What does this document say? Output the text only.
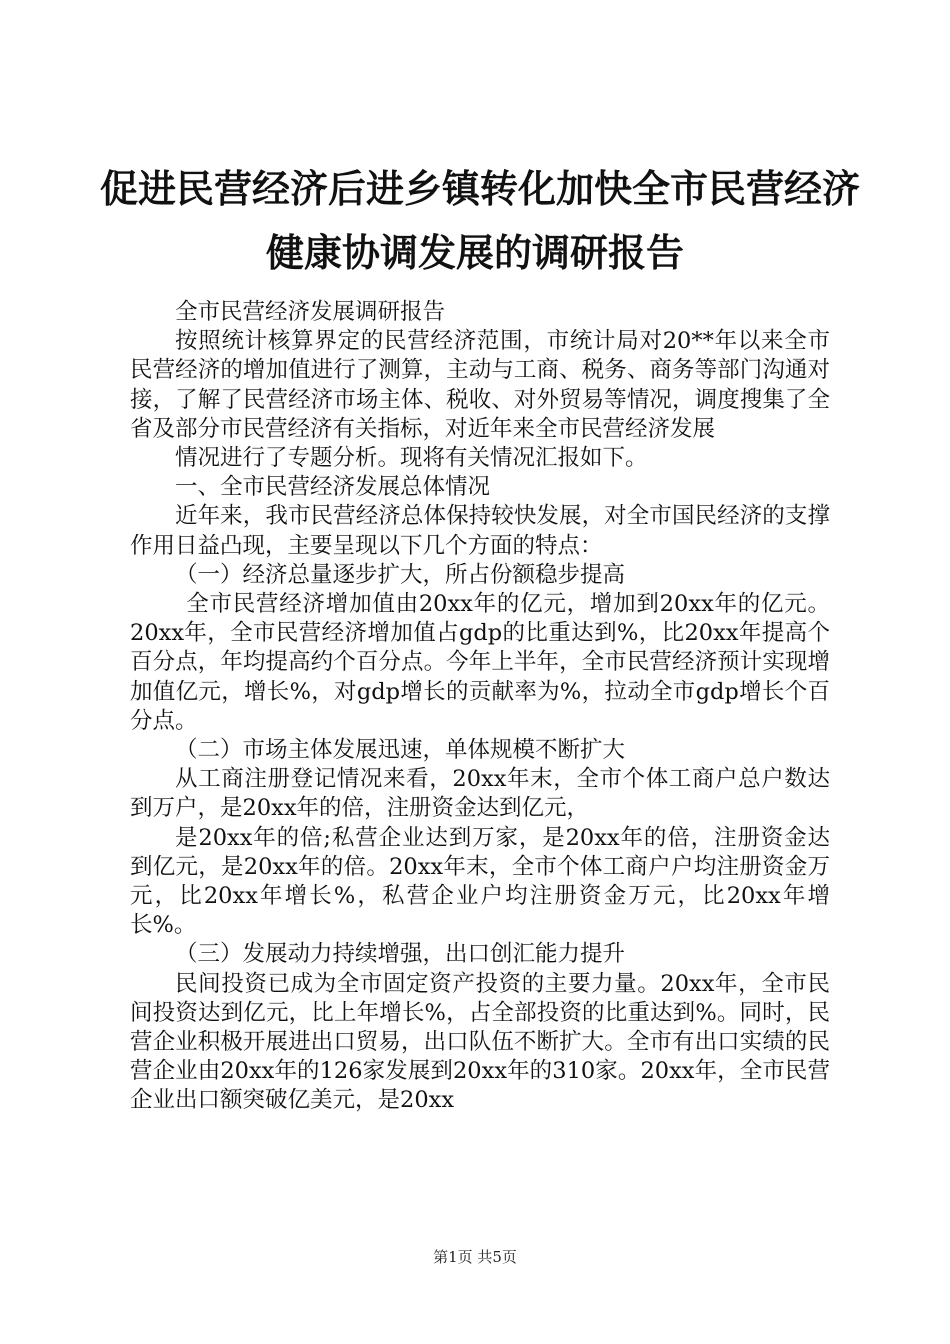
促进民营经济后进乡镇转化加快全市民营经济
健康协调发展的调研报告

全市民营经济发展调研报告

按照统计核算界定的民营经济范围，市统计局对20**年以来全市民营经济的增加值进行了测算，主动与工商、税务、商务等部门沟通对接，了解了民营经济市场主体、税收、对外贸易等情况，调度搜集了全省及部分市民营经济有关指标，对近年来全市民营经济发展

情况进行了专题分析。现将有关情况汇报如下。

一、全市民营经济发展总体情况

近年来，我市民营经济总体保持较快发展，对全市国民经济的支撑作用日益凸现，主要呈现以下几个方面的特点：

（一）经济总量逐步扩大，所占份额稳步提高

全市民营经济增加值由20xx年的亿元，增加到20xx年的亿元。20xx年，全市民营经济增加值占gdp的比重达到%，比20xx年提高个百分点，年均提高约个百分点。今年上半年，全市民营经济预计实现增加值亿元，增长%，对gdp增长的贡献率为%，拉动全市gdp增长个百分点。

（二）市场主体发展迅速，单体规模不断扩大

从工商注册登记情况来看，20xx年末，全市个体工商户总户数达到万户，是20xx年的倍，注册资金达到亿元，

是20xx年的倍;私营企业达到万家，是20xx年的倍，注册资金达到亿元，是20xx年的倍。20xx年末，全市个体工商户户均注册资金万元，比20xx年增长%，私营企业户均注册资金万元，比20xx年增长%。

（三）发展动力持续增强，出口创汇能力提升

民间投资已成为全市固定资产投资的主要力量。20xx年，全市民间投资达到亿元，比上年增长%，占全部投资的比重达到%。同时，民营企业积极开展进出口贸易，出口队伍不断扩大。全市有出口实绩的民营企业由20xx年的126家发展到20xx年的310家。20xx年，全市民营企业出口额突破亿美元，是20xx

第1页 共5页
